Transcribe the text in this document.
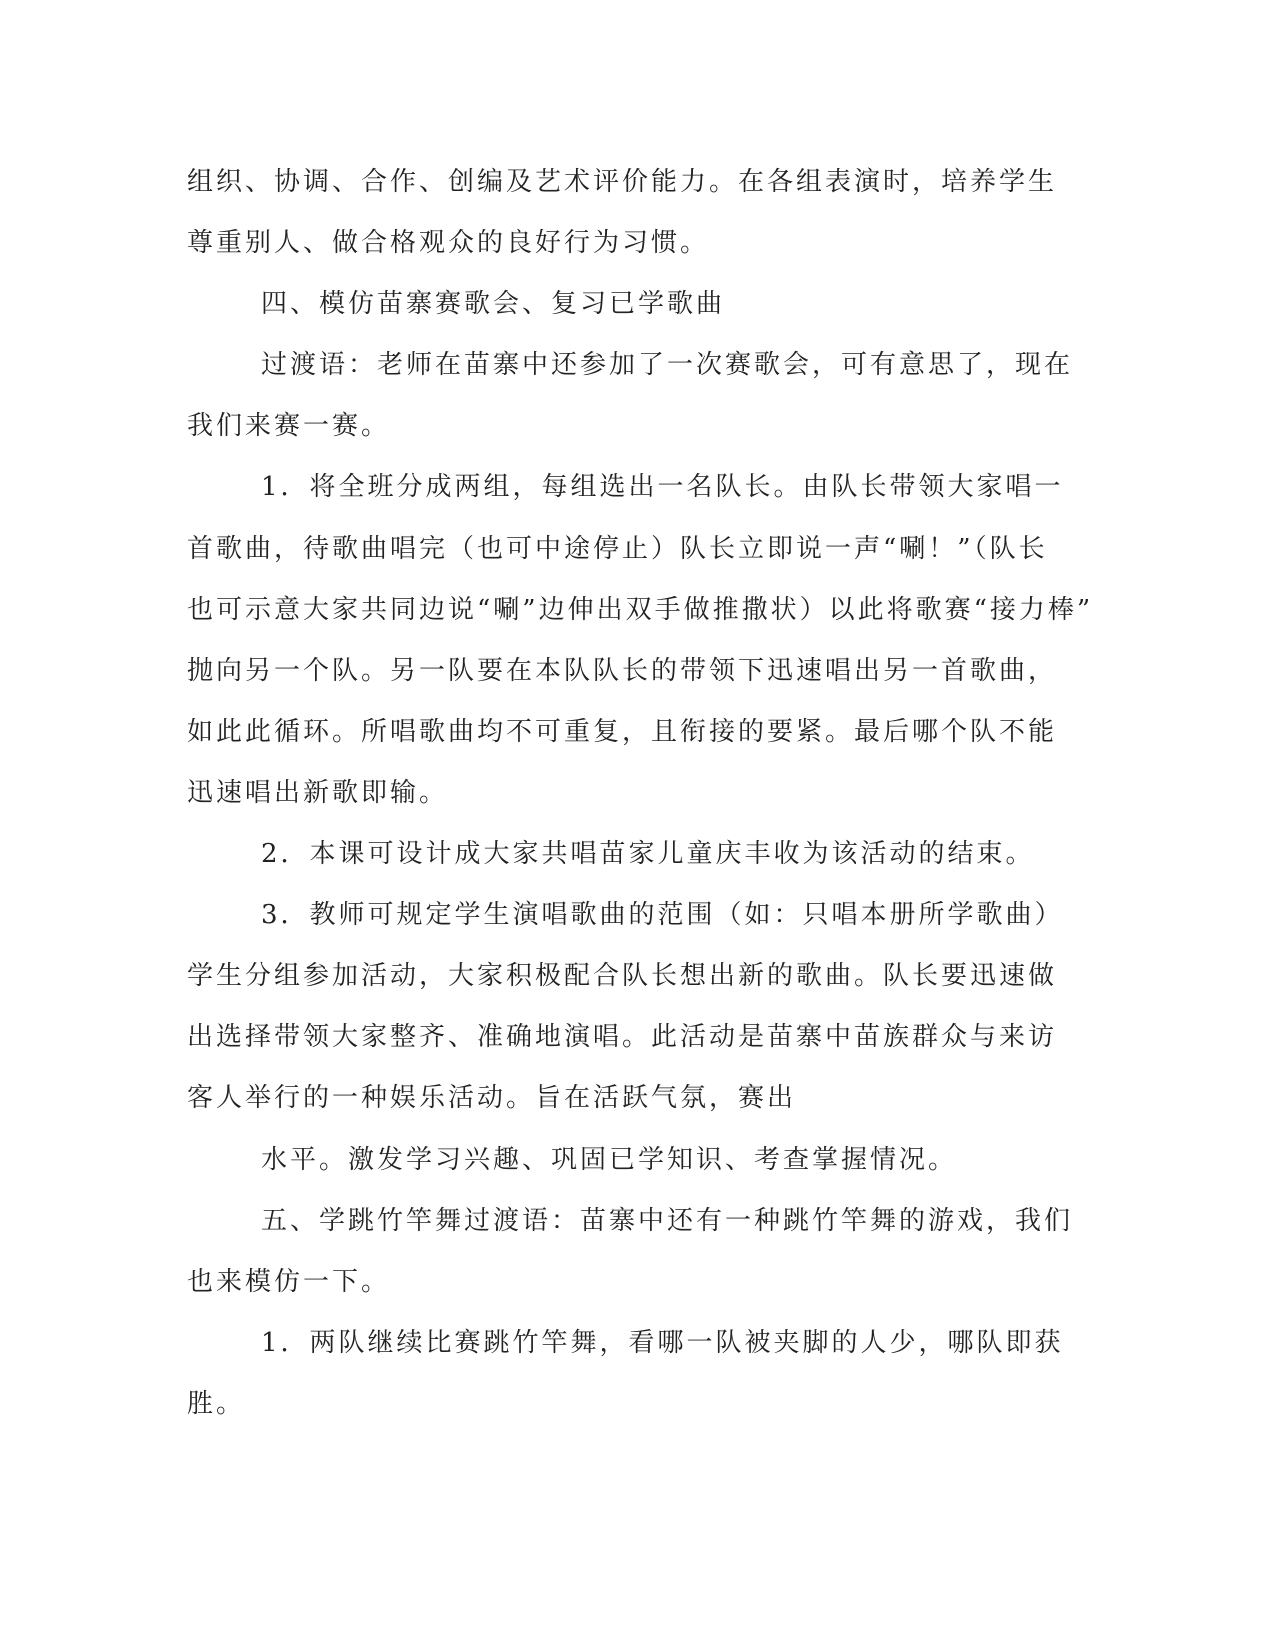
组织、协调、合作、创编及艺术评价能力。在各组表演时，培养学生
尊重别人、做合格观众的良好行为习惯。
四、模仿苗寨赛歌会、复习已学歌曲
过渡语：老师在苗寨中还参加了一次赛歌会，可有意思了，现在
我们来赛一赛。
1．将全班分成两组，每组选出一名队长。由队长带领大家唱一
首歌曲，待歌曲唱完（也可中途停止）队长立即说一声“唰！”（队长
也可示意大家共同边说“唰”边伸出双手做推撒状）以此将歌赛“接力棒”
抛向另一个队。另一队要在本队队长的带领下迅速唱出另一首歌曲，
如此此循环。所唱歌曲均不可重复，且衔接的要紧。最后哪个队不能
迅速唱出新歌即输。
2．本课可设计成大家共唱苗家儿童庆丰收为该活动的结束。
3．教师可规定学生演唱歌曲的范围（如：只唱本册所学歌曲）
学生分组参加活动，大家积极配合队长想出新的歌曲。队长要迅速做
出选择带领大家整齐、准确地演唱。此活动是苗寨中苗族群众与来访
客人举行的一种娱乐活动。旨在活跃气氛，赛出
水平。激发学习兴趣、巩固已学知识、考查掌握情况。
五、学跳竹竿舞过渡语：苗寨中还有一种跳竹竿舞的游戏，我们
也来模仿一下。
1．两队继续比赛跳竹竿舞，看哪一队被夹脚的人少，哪队即获
胜。
